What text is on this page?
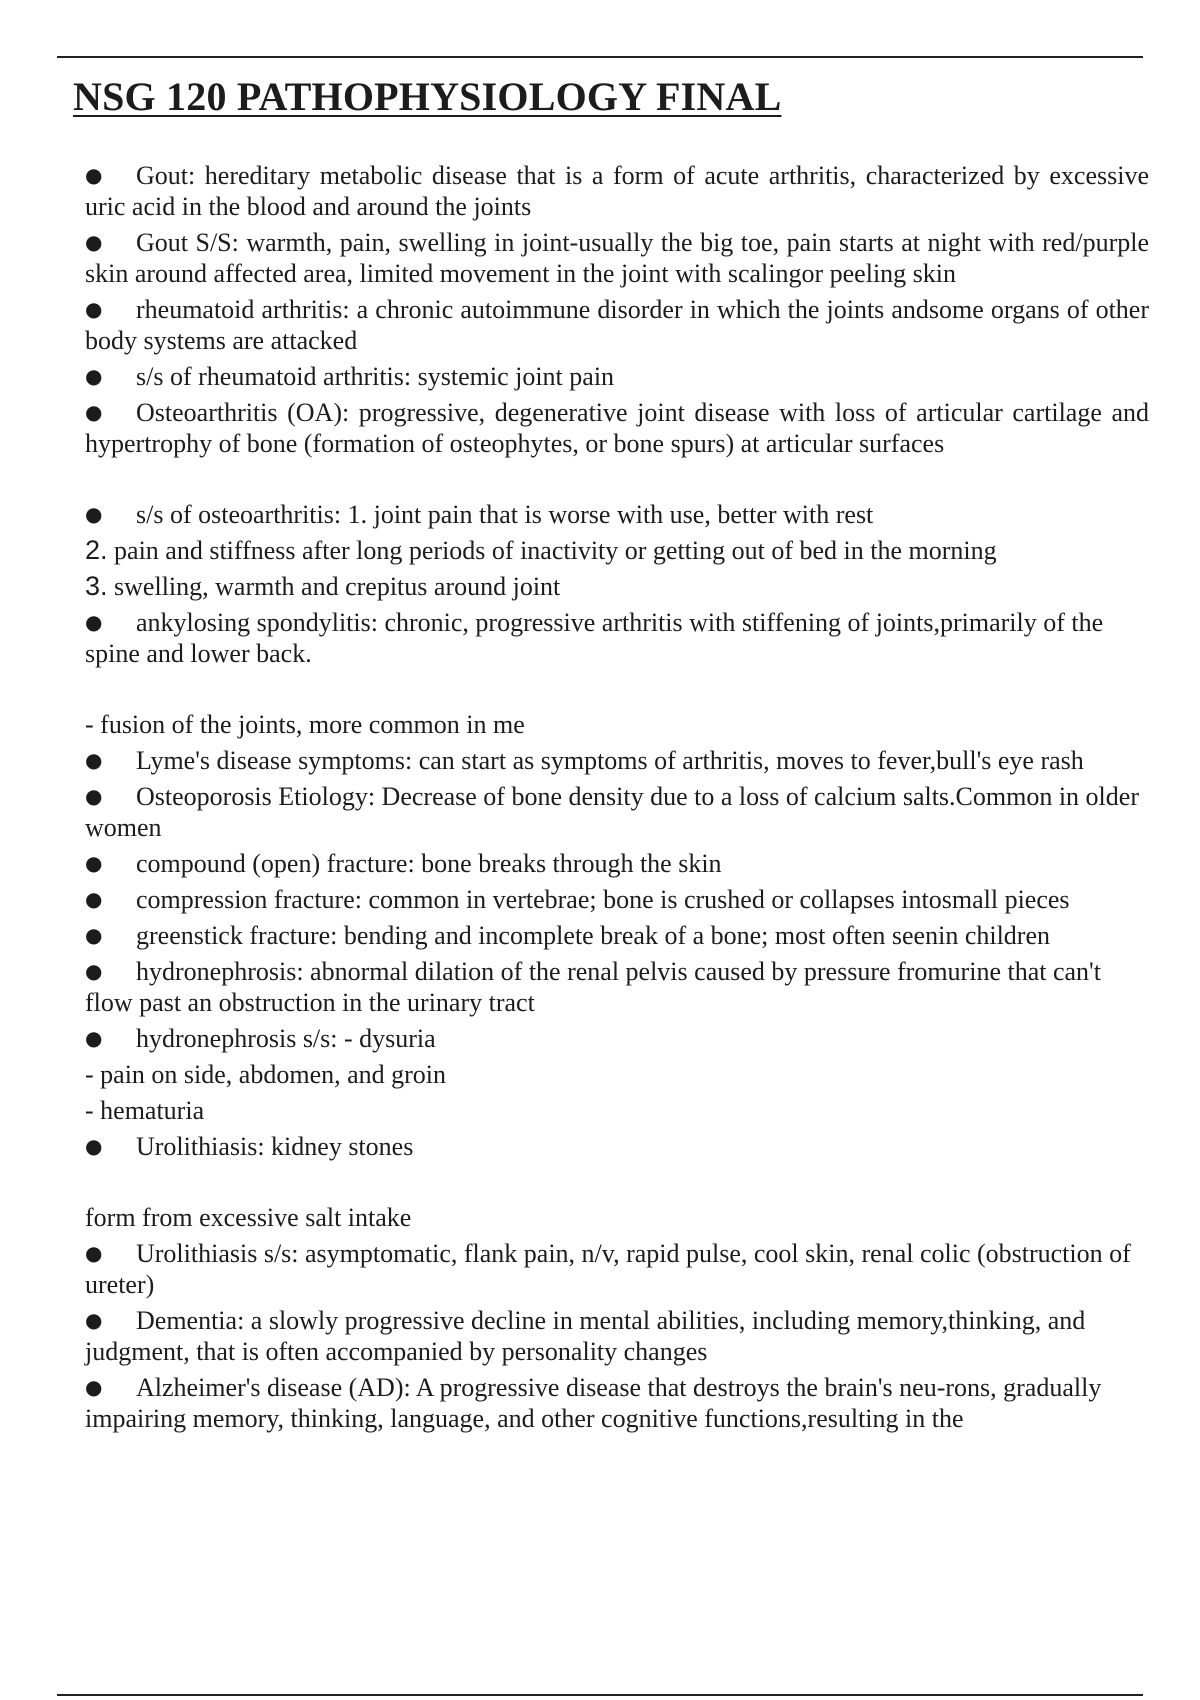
NSG 120 PATHOPHYSIOLOGY FINAL
● Gout: hereditary metabolic disease that is a form of acute arthritis, characterized by excessive uric acid in the blood and around the joints
● Gout S/S: warmth, pain, swelling in joint-usually the big toe, pain starts at night with red/purple skin around affected area, limited movement in the joint with scalingor peeling skin
● rheumatoid arthritis: a chronic autoimmune disorder in which the joints andsome organs of other body systems are attacked
● s/s of rheumatoid arthritis: systemic joint pain
● Osteoarthritis (OA): progressive, degenerative joint disease with loss of articular cartilage and hypertrophy of bone (formation of osteophytes, or bone spurs) at articular surfaces
● s/s of osteoarthritis: 1. joint pain that is worse with use, better with rest
2. pain and stiffness after long periods of inactivity or getting out of bed in the morning
3. swelling, warmth and crepitus around joint
● ankylosing spondylitis: chronic, progressive arthritis with stiffening of joints,primarily of the spine and lower back.
- fusion of the joints, more common in me
● Lyme's disease symptoms: can start as symptoms of arthritis, moves to fever,bull's eye rash
● Osteoporosis Etiology: Decrease of bone density due to a loss of calcium salts.Common in older women
● compound (open) fracture: bone breaks through the skin
● compression fracture: common in vertebrae; bone is crushed or collapses intosmall pieces
● greenstick fracture: bending and incomplete break of a bone; most often seenin children
● hydronephrosis: abnormal dilation of the renal pelvis caused by pressure fromurine that can't flow past an obstruction in the urinary tract
● hydronephrosis s/s: - dysuria
- pain on side, abdomen, and groin
- hematuria
● Urolithiasis: kidney stones
form from excessive salt intake
● Urolithiasis s/s: asymptomatic, flank pain, n/v, rapid pulse, cool skin, renal colic (obstruction of ureter)
● Dementia: a slowly progressive decline in mental abilities, including memory,thinking, and judgment, that is often accompanied by personality changes
● Alzheimer's disease (AD): A progressive disease that destroys the brain's neu-rons, gradually impairing memory, thinking, language, and other cognitive functions,resulting in the
